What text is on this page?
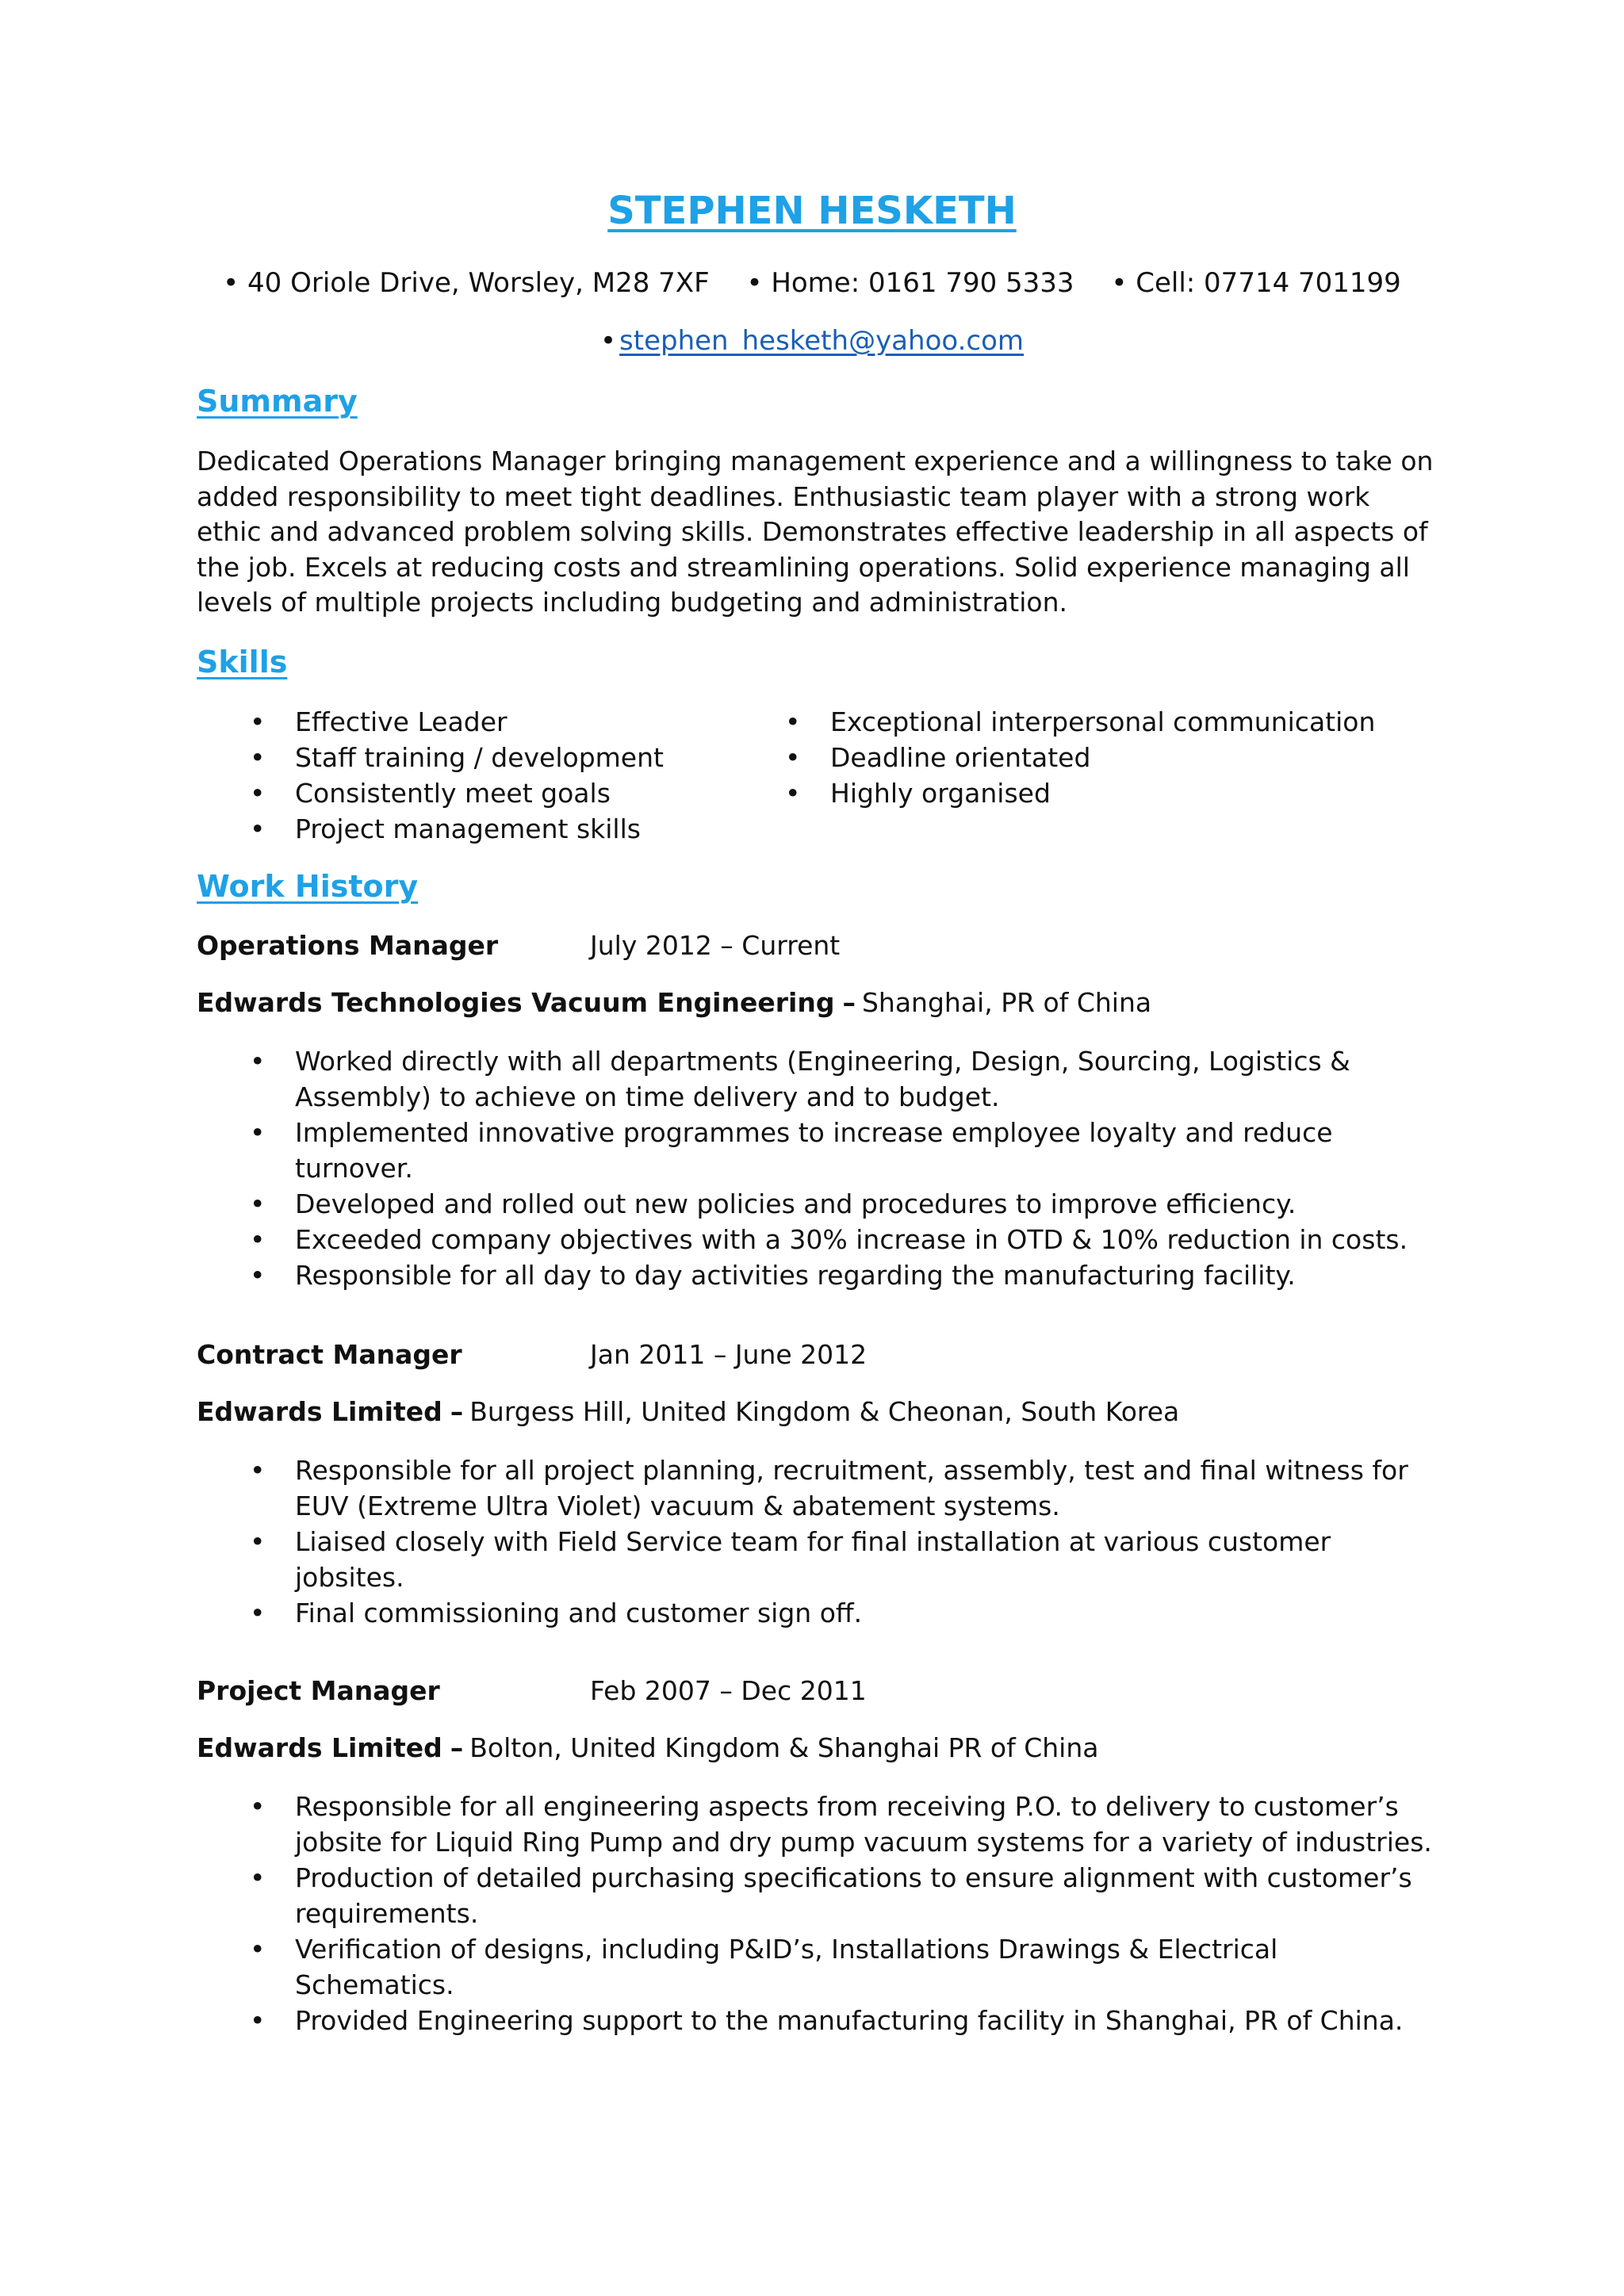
STEPHEN HESKETH
• 40 Oriole Drive, Worsley, M28 7XF • Home: 0161 790 5333 • Cell: 07714 701199
• stephen_hesketh@yahoo.com
Summary
Dedicated Operations Manager bringing management experience and a willingness to take on added responsibility to meet tight deadlines. Enthusiastic team player with a strong work ethic and advanced problem solving skills. Demonstrates effective leadership in all aspects of the job. Excels at reducing costs and streamlining operations. Solid experience managing all levels of multiple projects including budgeting and administration.
Skills
• Effective Leader
• Staff training / development
• Consistently meet goals
• Project management skills
• Exceptional interpersonal communication
• Deadline orientated
• Highly organised
Work History
Operations Manager	July 2012 – Current
Edwards Technologies Vacuum Engineering – Shanghai, PR of China
• Worked directly with all departments (Engineering, Design, Sourcing, Logistics & Assembly) to achieve on time delivery and to budget.
• Implemented innovative programmes to increase employee loyalty and reduce turnover.
• Developed and rolled out new policies and procedures to improve efficiency.
• Exceeded company objectives with a 30% increase in OTD & 10% reduction in costs.
• Responsible for all day to day activities regarding the manufacturing facility.
Contract Manager	Jan 2011 – June 2012
Edwards Limited – Burgess Hill, United Kingdom & Cheonan, South Korea
• Responsible for all project planning, recruitment, assembly, test and final witness for EUV (Extreme Ultra Violet) vacuum & abatement systems.
• Liaised closely with Field Service team for final installation at various customer jobsites.
• Final commissioning and customer sign off.
Project Manager	Feb 2007 – Dec 2011
Edwards Limited – Bolton, United Kingdom & Shanghai PR of China
• Responsible for all engineering aspects from receiving P.O. to delivery to customer’s jobsite for Liquid Ring Pump and dry pump vacuum systems for a variety of industries.
• Production of detailed purchasing specifications to ensure alignment with customer’s requirements.
• Verification of designs, including P&ID’s, Installations Drawings & Electrical Schematics.
• Provided Engineering support to the manufacturing facility in Shanghai, PR of China.
